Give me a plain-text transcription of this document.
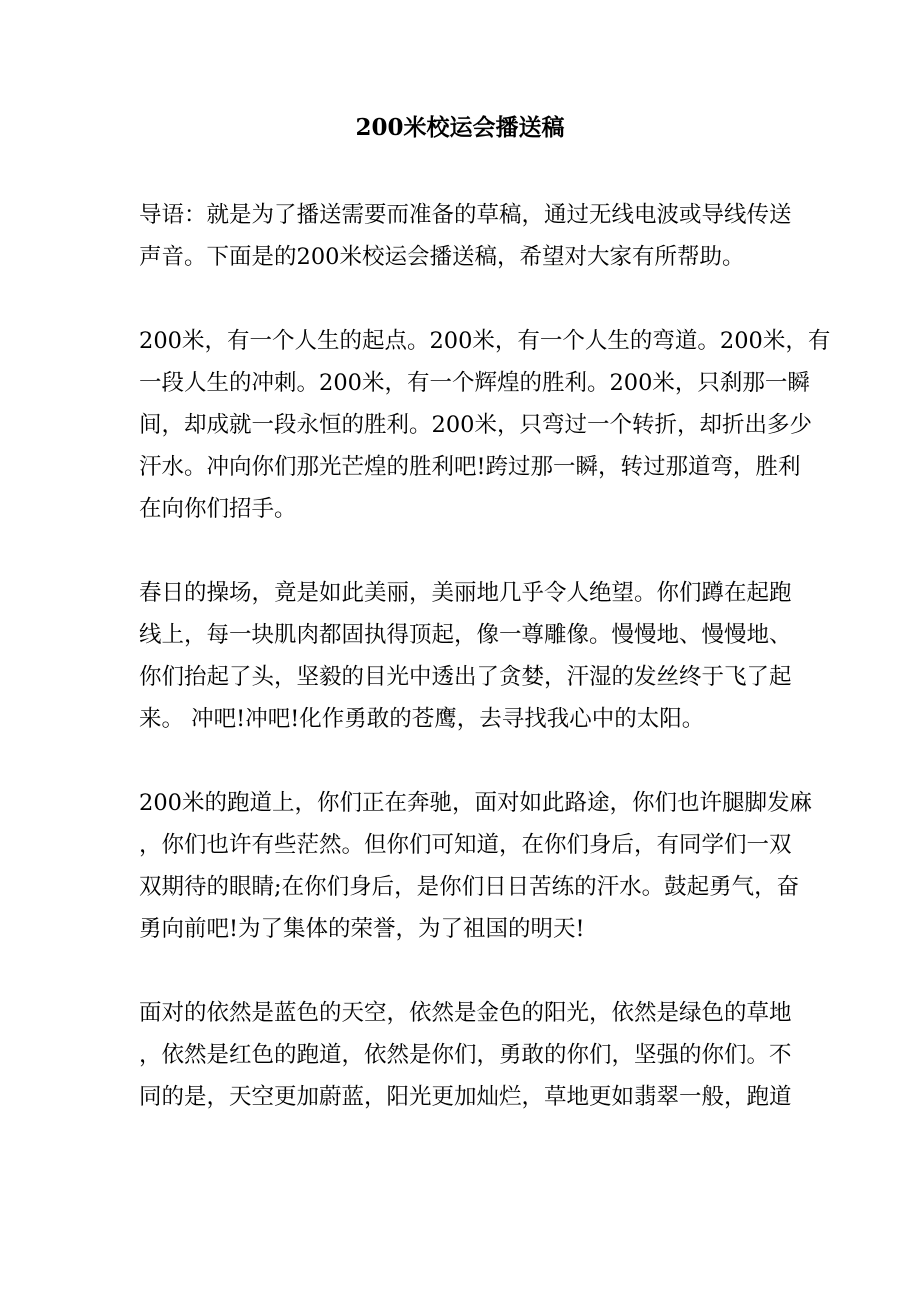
200米校运会播送稿
导语：就是为了播送需要而准备的草稿，通过无线电波或导线传送
声音。下面是的200米校运会播送稿，希望对大家有所帮助。
200米，有一个人生的起点。200米，有一个人生的弯道。200米，有
一段人生的冲刺。200米，有一个辉煌的胜利。200米，只刹那一瞬
间，却成就一段永恒的胜利。200米，只弯过一个转折，却折出多少
汗水。冲向你们那光芒煌的胜利吧!跨过那一瞬，转过那道弯，胜利
在向你们招手。
春日的操场，竟是如此美丽，美丽地几乎令人绝望。你们蹲在起跑
线上，每一块肌肉都固执得顶起，像一尊雕像。慢慢地、慢慢地、
你们抬起了头，坚毅的目光中透出了贪婪，汗湿的发丝终于飞了起
来。 冲吧!冲吧!化作勇敢的苍鹰，去寻找我心中的太阳。
200米的跑道上，你们正在奔驰，面对如此路途，你们也许腿脚发麻
，你们也许有些茫然。但你们可知道，在你们身后，有同学们一双
双期待的眼睛;在你们身后，是你们日日苦练的汗水。鼓起勇气，奋
勇向前吧!为了集体的荣誉，为了祖国的明天!
面对的依然是蓝色的天空，依然是金色的阳光，依然是绿色的草地
，依然是红色的跑道，依然是你们，勇敢的你们，坚强的你们。不
同的是，天空更加蔚蓝，阳光更加灿烂，草地更如翡翠一般，跑道
